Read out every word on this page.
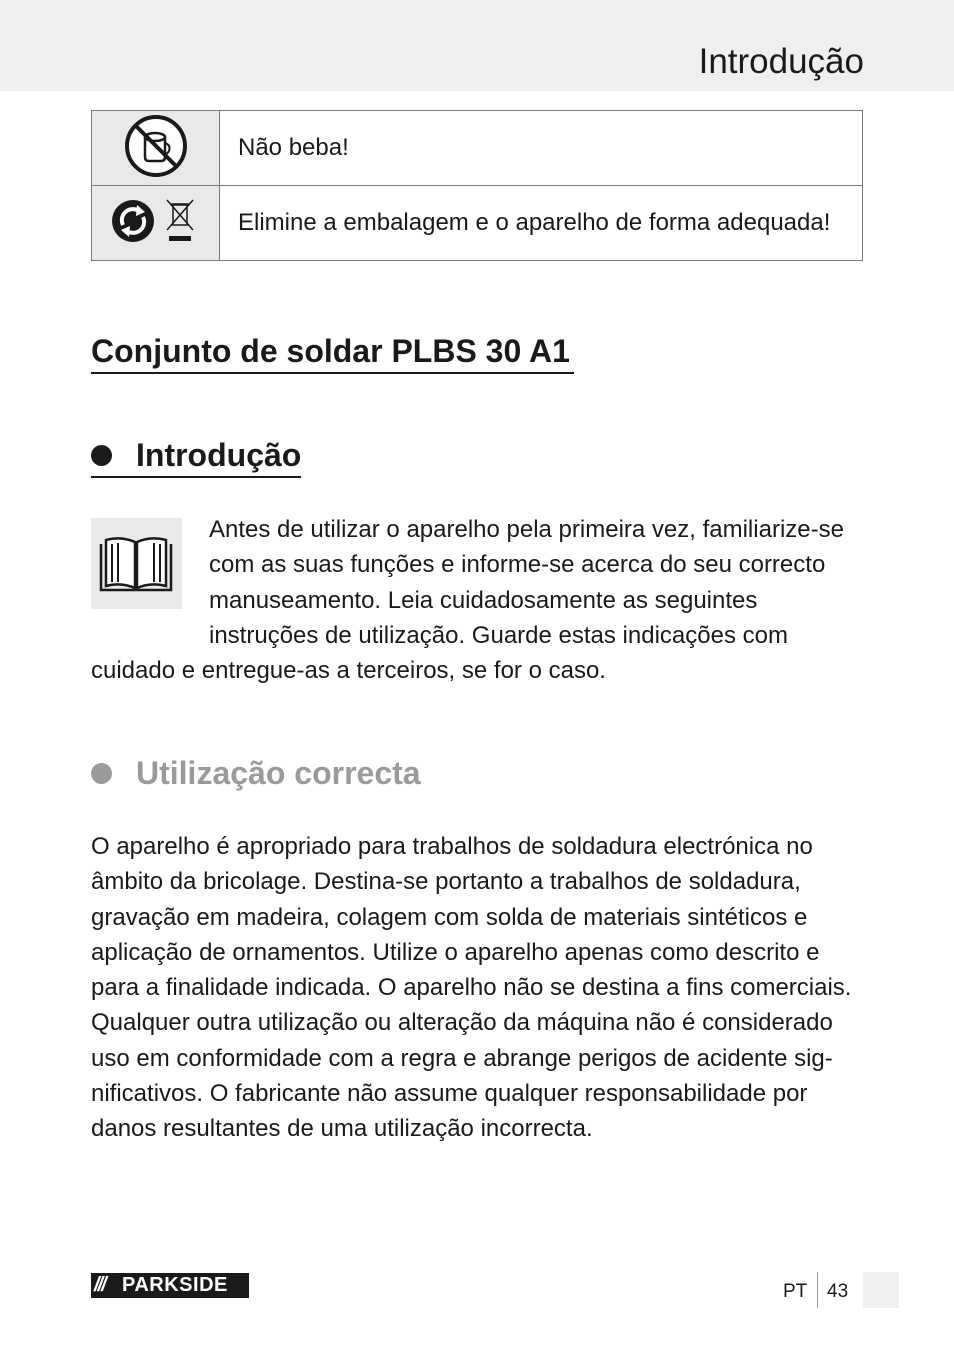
Introdução
	Não beba!
	Elimine a embalagem e o aparelho de forma adequada!
Conjunto de soldar PLBS 30 A1
Introdução

Antes de utilizar o aparelho pela primeira vez, familiarize-se com as suas funções e informe-se acerca do seu correcto manuseamento. Leia cuidadosamente as seguintes instruções de utilização. Guarde estas indicações com cuidado e entregue-as a terceiros, se for o caso.

Utilização correcta

O aparelho é apropriado para trabalhos de soldadura electrónica no âmbito da bricolage. Destina-se portanto a trabalhos de soldadura, gravação em madeira, colagem com solda de materiais sintéticos e aplicação de ornamentos. Utilize o aparelho apenas como descrito e para a finalidade indicada. O aparelho não se destina a fins comerciais. Qualquer outra utilização ou alteração da máquina não é considerado uso em conformidade com a regra e abrange perigos de acidente sig-nificativos. O fabricante não assume qualquer responsabilidade por danos resultantes de uma utilização incorrecta.

/// PARKSIDE	PT 43
